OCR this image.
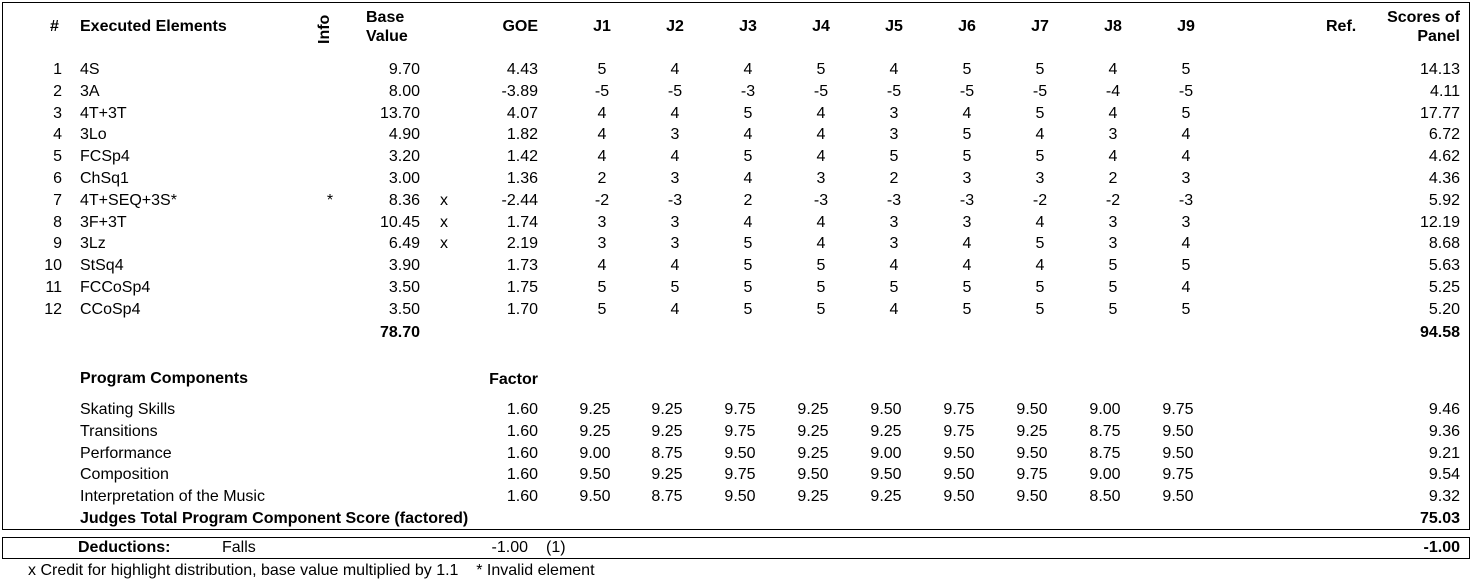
# Executed Elements	Info Base
Value
GOE	J1	J2	J3	J4	J5	J6	J7	J8	J9	Ref.
Scores of
Panel
1 4S	9.70	4.43	5	4	4	5	4	5	5	4	5	14.13
2 3A	8.00	-3.89	-5	-5	-3	-5	-5	-5	-5	-4	-5	4.11
3 4T+3T	13.70	4.07	4	4	5	4	3	4	5	4	5	17.77
4 3Lo	4.90	1.82	4	3	4	4	3	5	4	3	4	6.72
5 FCSp4	3.20	1.42	4	4	5	4	5	5	5	4	4	4.62
6 ChSq1	3.00	1.36	2	3	4	3	2	3	3	2	3	4.36
7 4T+SEQ+3S*	*	8.36 x	-2.44	-2	-3	2	-3	-3	-3	-2	-2	-3	5.92
8 3F+3T	10.45 x	1.74	3	3	4	4	3	3	4	3	3	12.19
9 3Lz	6.49 x	2.19	3	3	5	4	3	4	5	3	4	8.68
10 StSq4	3.90	1.73	4	4	5	5	4	4	4	5	5	5.63
11 FCCoSp4	3.50	1.75	5	5	5	5	5	5	5	5	4	5.25
12 CCoSp4	3.50	1.70	5	4	5	5	4	5	5	5	5	5.20
78.70	94.58
Program Components	Factor
Skating Skills	1.60	9.25	9.25	9.75	9.25	9.50	9.75	9.50	9.00	9.75	9.46
Transitions	1.60	9.25	9.25	9.75	9.25	9.25	9.75	9.25	8.75	9.50	9.36
Performance	1.60	9.00	8.75	9.50	9.25	9.00	9.50	9.50	8.75	9.50	9.21
Composition	1.60	9.50	9.25	9.75	9.50	9.50	9.50	9.75	9.00	9.75	9.54
Interpretation of the Music	1.60	9.50	8.75	9.50	9.25	9.25	9.50	9.50	8.50	9.50	9.32
Judges Total Program Component Score (factored)	75.03
Deductions:	Falls	-1.00 (1)	-1.00
x Credit for highlight distribution, base value multiplied by 1.1    * Invalid element
